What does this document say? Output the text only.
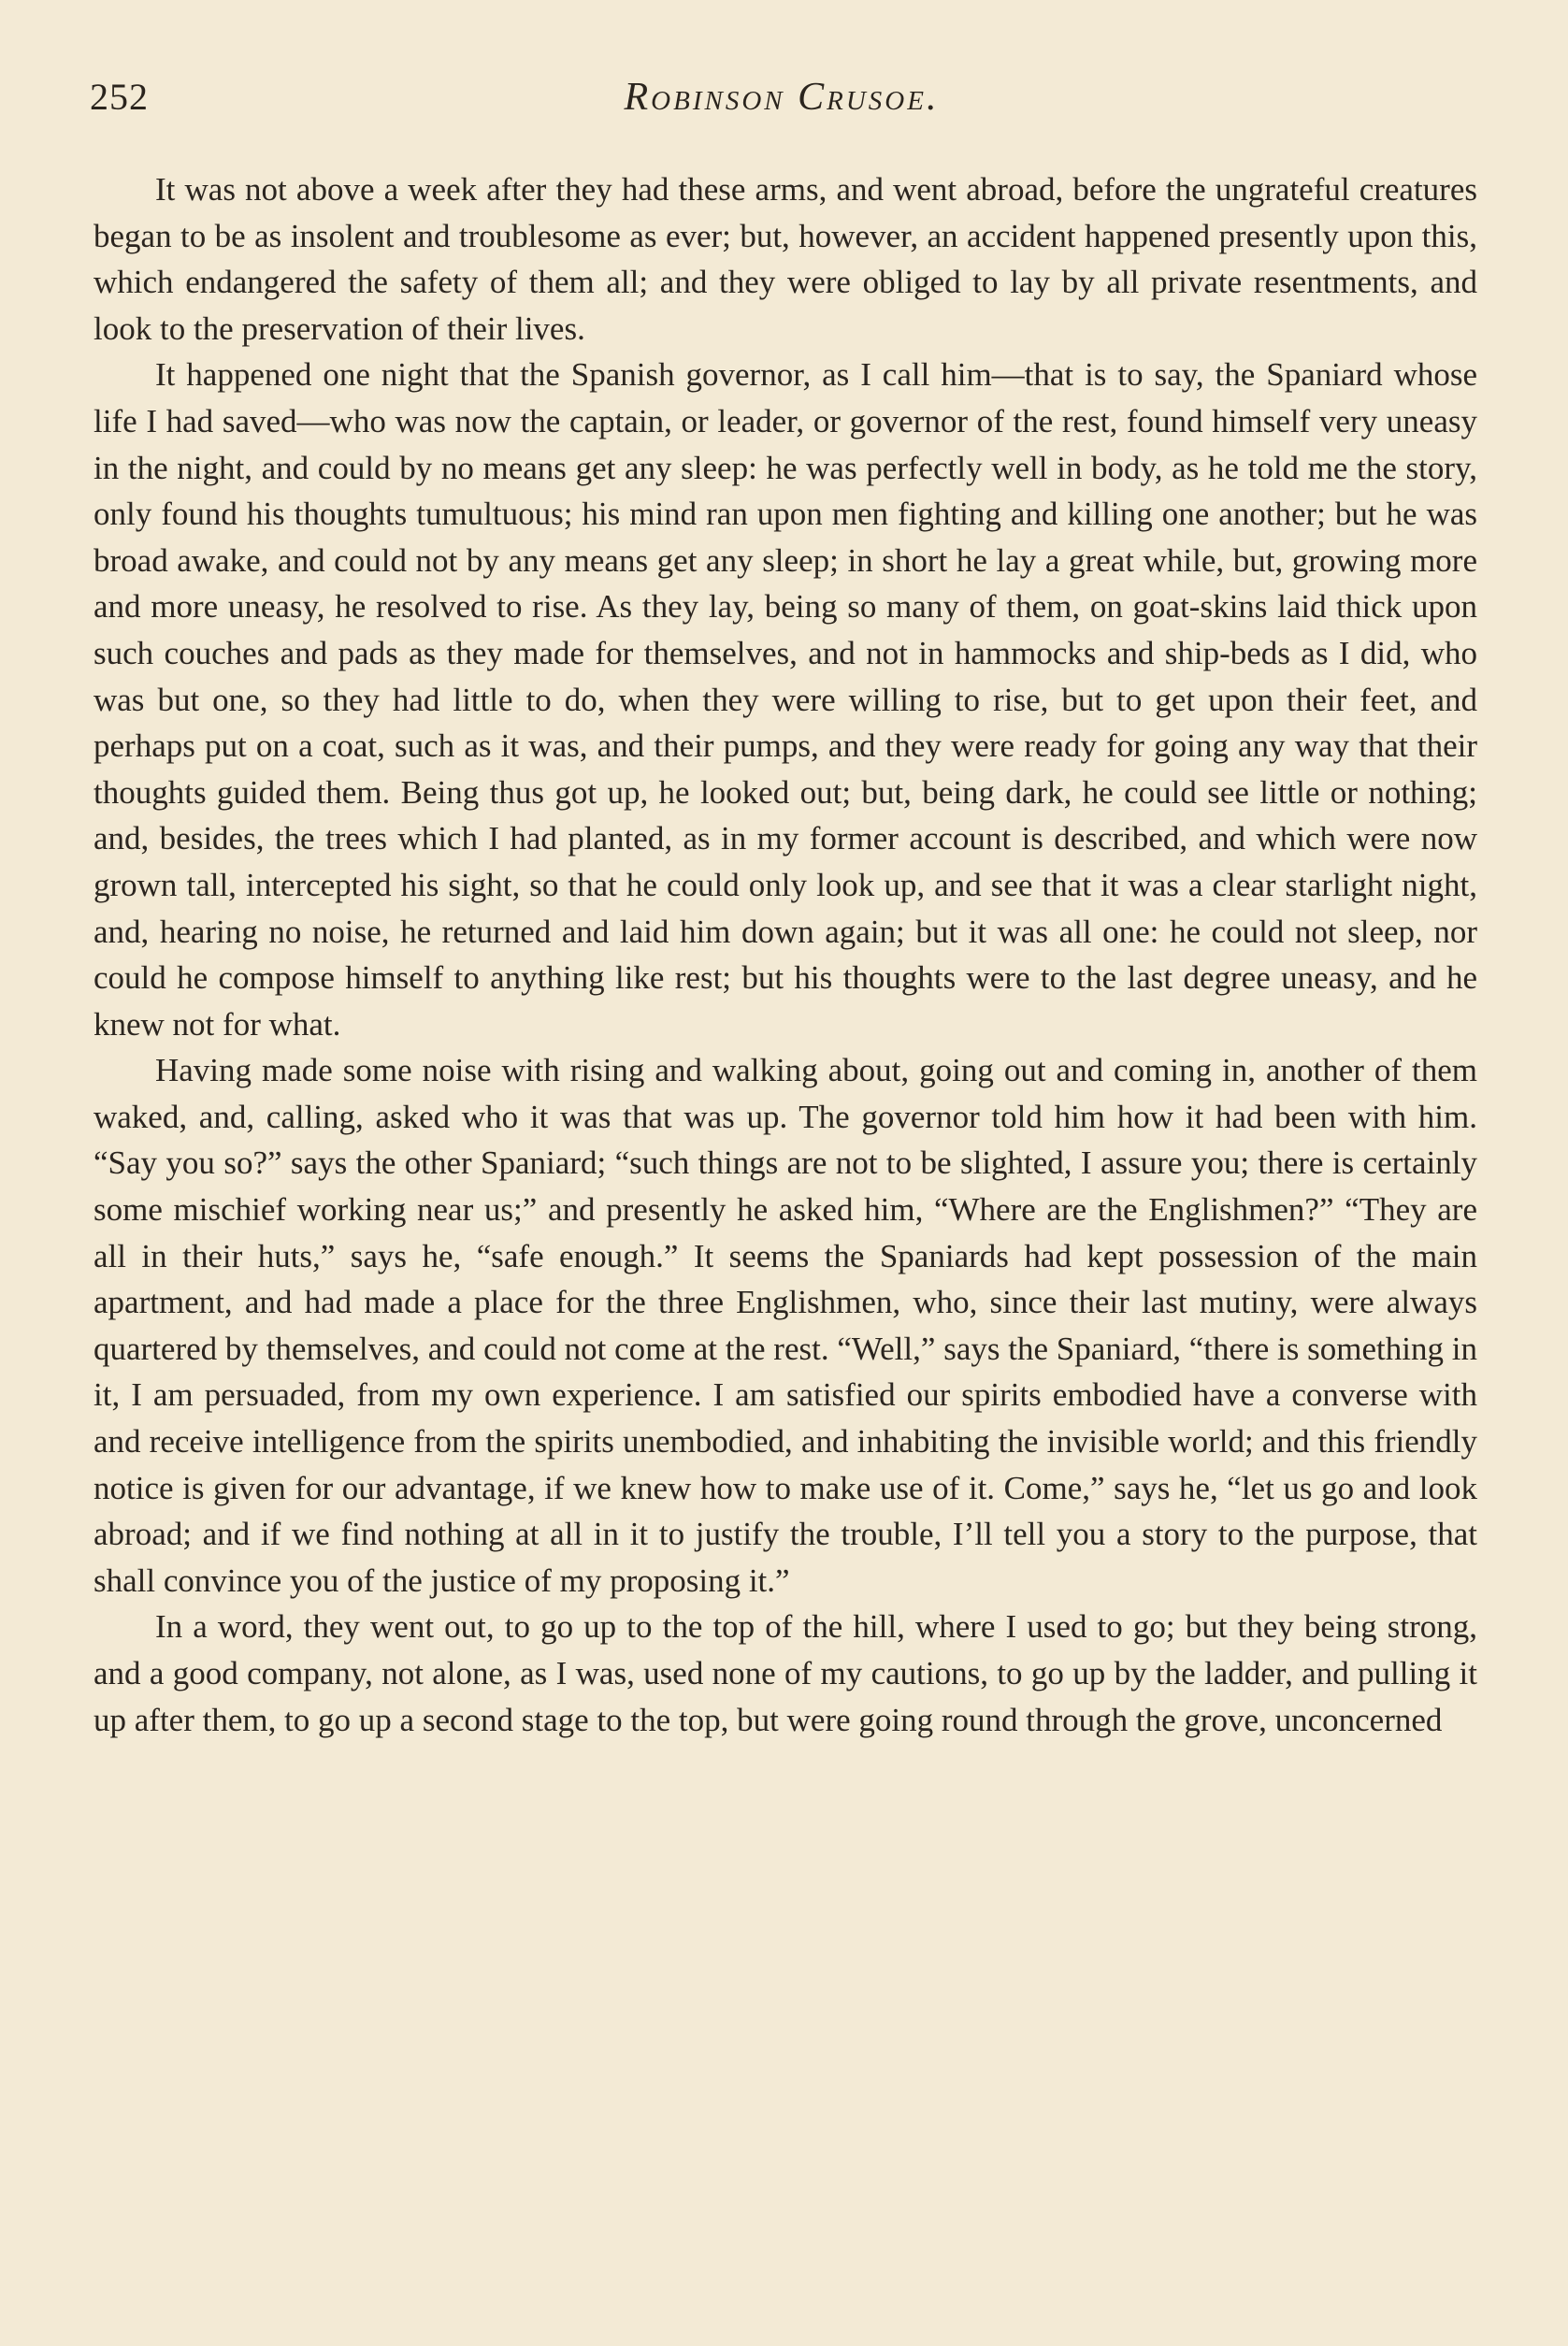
252	Robinson Crusoe.

It was not above a week after they had these arms, and went abroad, before the ungrateful creatures began to be as insolent and troublesome as ever; but, however, an accident happened presently upon this, which endangered the safety of them all; and they were obliged to lay by all private resentments, and look to the preservation of their lives.

It happened one night that the Spanish governor, as I call him—that is to say, the Spaniard whose life I had saved—who was now the captain, or leader, or governor of the rest, found himself very uneasy in the night, and could by no means get any sleep: he was perfectly well in body, as he told me the story, only found his thoughts tumultuous; his mind ran upon men fighting and killing one another; but he was broad awake, and could not by any means get any sleep; in short he lay a great while, but, growing more and more uneasy, he resolved to rise. As they lay, being so many of them, on goat-skins laid thick upon such couches and pads as they made for themselves, and not in hammocks and ship-beds as I did, who was but one, so they had little to do, when they were willing to rise, but to get upon their feet, and perhaps put on a coat, such as it was, and their pumps, and they were ready for going any way that their thoughts guided them. Being thus got up, he looked out; but, being dark, he could see little or nothing; and, besides, the trees which I had planted, as in my former account is described, and which were now grown tall, intercepted his sight, so that he could only look up, and see that it was a clear starlight night, and, hearing no noise, he returned and laid him down again; but it was all one: he could not sleep, nor could he compose himself to anything like rest; but his thoughts were to the last degree uneasy, and he knew not for what.

Having made some noise with rising and walking about, going out and coming in, another of them waked, and, calling, asked who it was that was up. The governor told him how it had been with him. “Say you so?” says the other Spaniard; “such things are not to be slighted, I assure you; there is certainly some mischief working near us;” and presently he asked him, “Where are the Englishmen?” “They are all in their huts,” says he, “safe enough.” It seems the Spaniards had kept possession of the main apartment, and had made a place for the three Englishmen, who, since their last mutiny, were always quartered by themselves, and could not come at the rest. “Well,” says the Spaniard, “there is something in it, I am persuaded, from my own experience. I am satisfied our spirits embodied have a converse with and receive intelligence from the spirits unembodied, and inhabiting the invisible world; and this friendly notice is given for our advantage, if we knew how to make use of it. Come,” says he, “let us go and look abroad; and if we find nothing at all in it to justify the trouble, I’ll tell you a story to the purpose, that shall convince you of the justice of my proposing it.”

In a word, they went out, to go up to the top of the hill, where I used to go; but they being strong, and a good company, not alone, as I was, used none of my cautions, to go up by the ladder, and pulling it up after them, to go up a second stage to the top, but were going round through the grove, unconcerned
